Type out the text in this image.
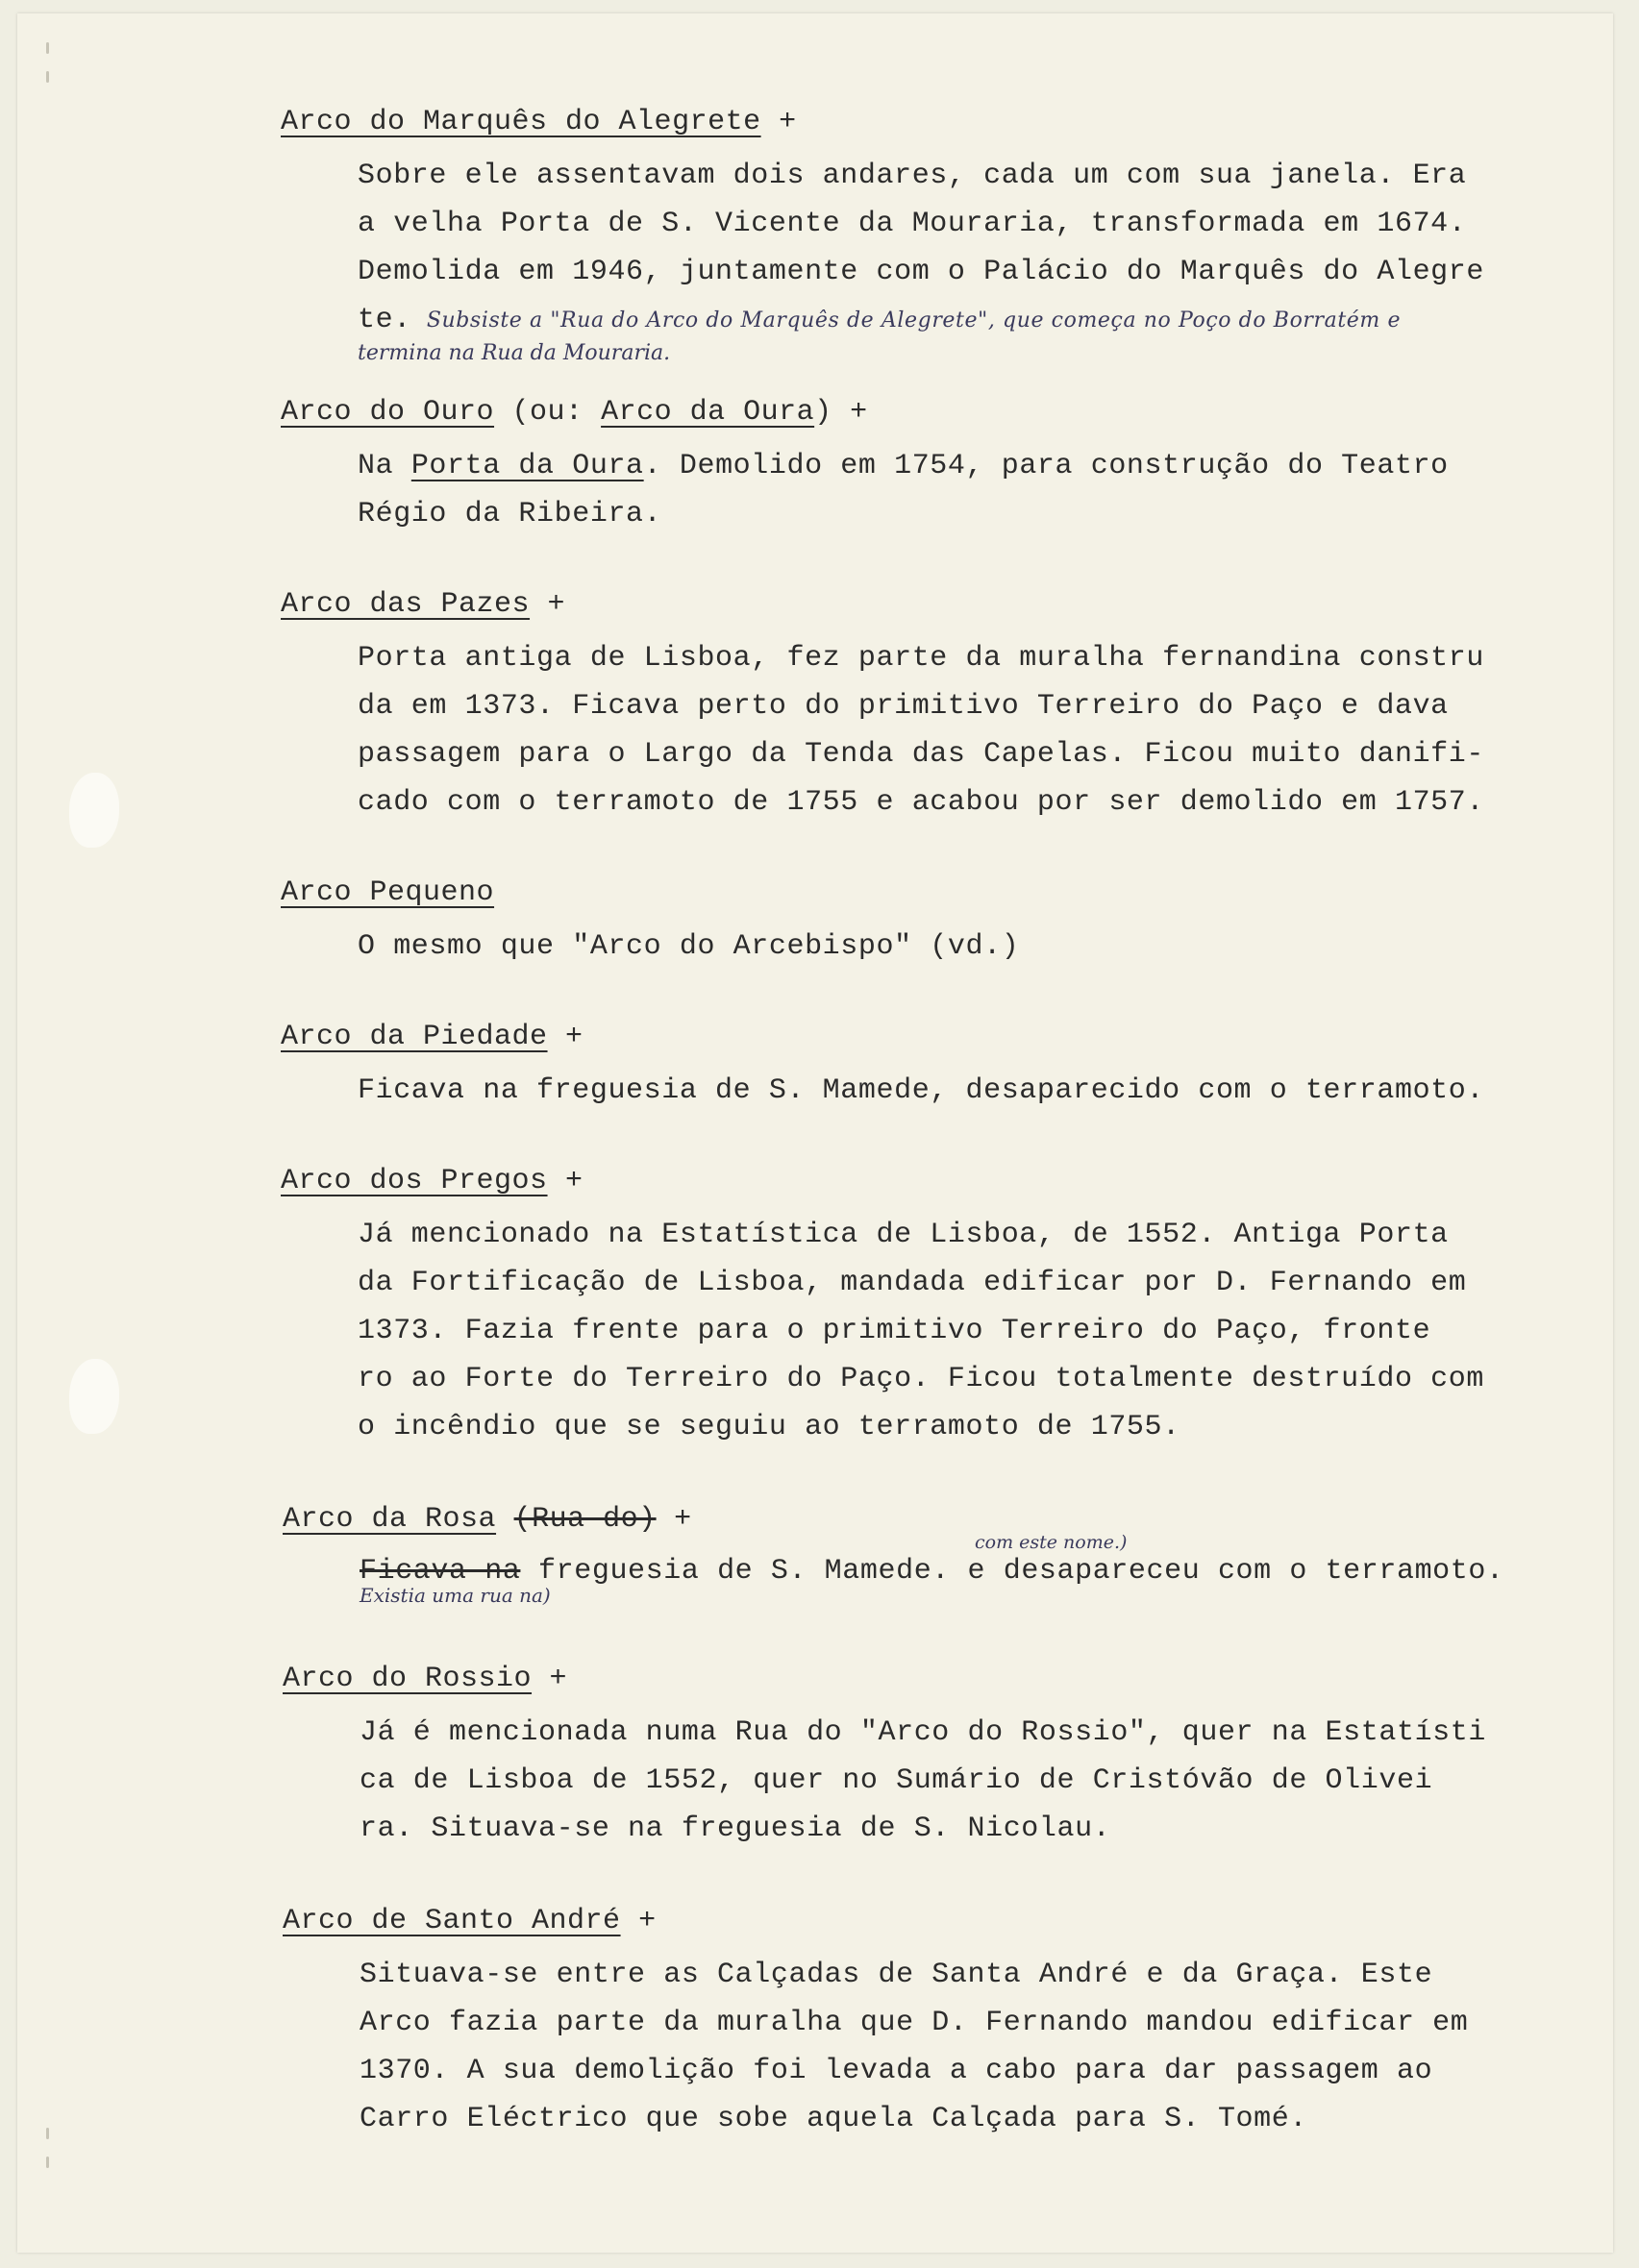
Arco do Marquês do Alegrete +
Sobre ele assentavam dois andares, cada um com sua janela. Era
a velha Porta de S. Vicente da Mouraria, transformada em 1674.
Demolida em 1946, juntamente com o Palácio do Marquês do Alegre
te. Subsiste a "Rua do Arco do Marquês de Alegrete", que começa no Poço do Borratém e
termina na Rua da Mouraria.
Arco do Ouro (ou: Arco da Oura) +
Na Porta da Oura. Demolido em 1754, para construção do Teatro
Régio da Ribeira.
Arco das Pazes +
Porta antiga de Lisboa, fez parte da muralha fernandina constru
da em 1373. Ficava perto do primitivo Terreiro do Paço e dava
passagem para o Largo da Tenda das Capelas. Ficou muito danifi-
cado com o terramoto de 1755 e acabou por ser demolido em 1757.
Arco Pequeno
O mesmo que "Arco do Arcebispo" (vd.)
Arco da Piedade +
Ficava na freguesia de S. Mamede, desaparecido com o terramoto.
Arco dos Pregos +
Já mencionado na Estatística de Lisboa, de 1552. Antiga Porta
da Fortificação de Lisboa, mandada edificar por D. Fernando em
1373. Fazia frente para o primitivo Terreiro do Paço, fronte
ro ao Forte do Terreiro do Paço. Ficou totalmente destruído com
o incêndio que se seguiu ao terramoto de 1755.
Arco da Rosa (Rua do) +
com este nome.)
Ficava na freguesia de S. Mamede. e desapareceu com o terramoto.
Existia uma rua na)
Arco do Rossio +
Já é mencionada numa Rua do "Arco do Rossio", quer na Estatísti
ca de Lisboa de 1552, quer no Sumário de Cristóvão de Olivei
ra. Situava-se na freguesia de S. Nicolau.
Arco de Santo André +
Situava-se entre as Calçadas de Santa André e da Graça. Este
Arco fazia parte da muralha que D. Fernando mandou edificar em
1370. A sua demolição foi levada a cabo para dar passagem ao
Carro Eléctrico que sobe aquela Calçada para S. Tomé.
